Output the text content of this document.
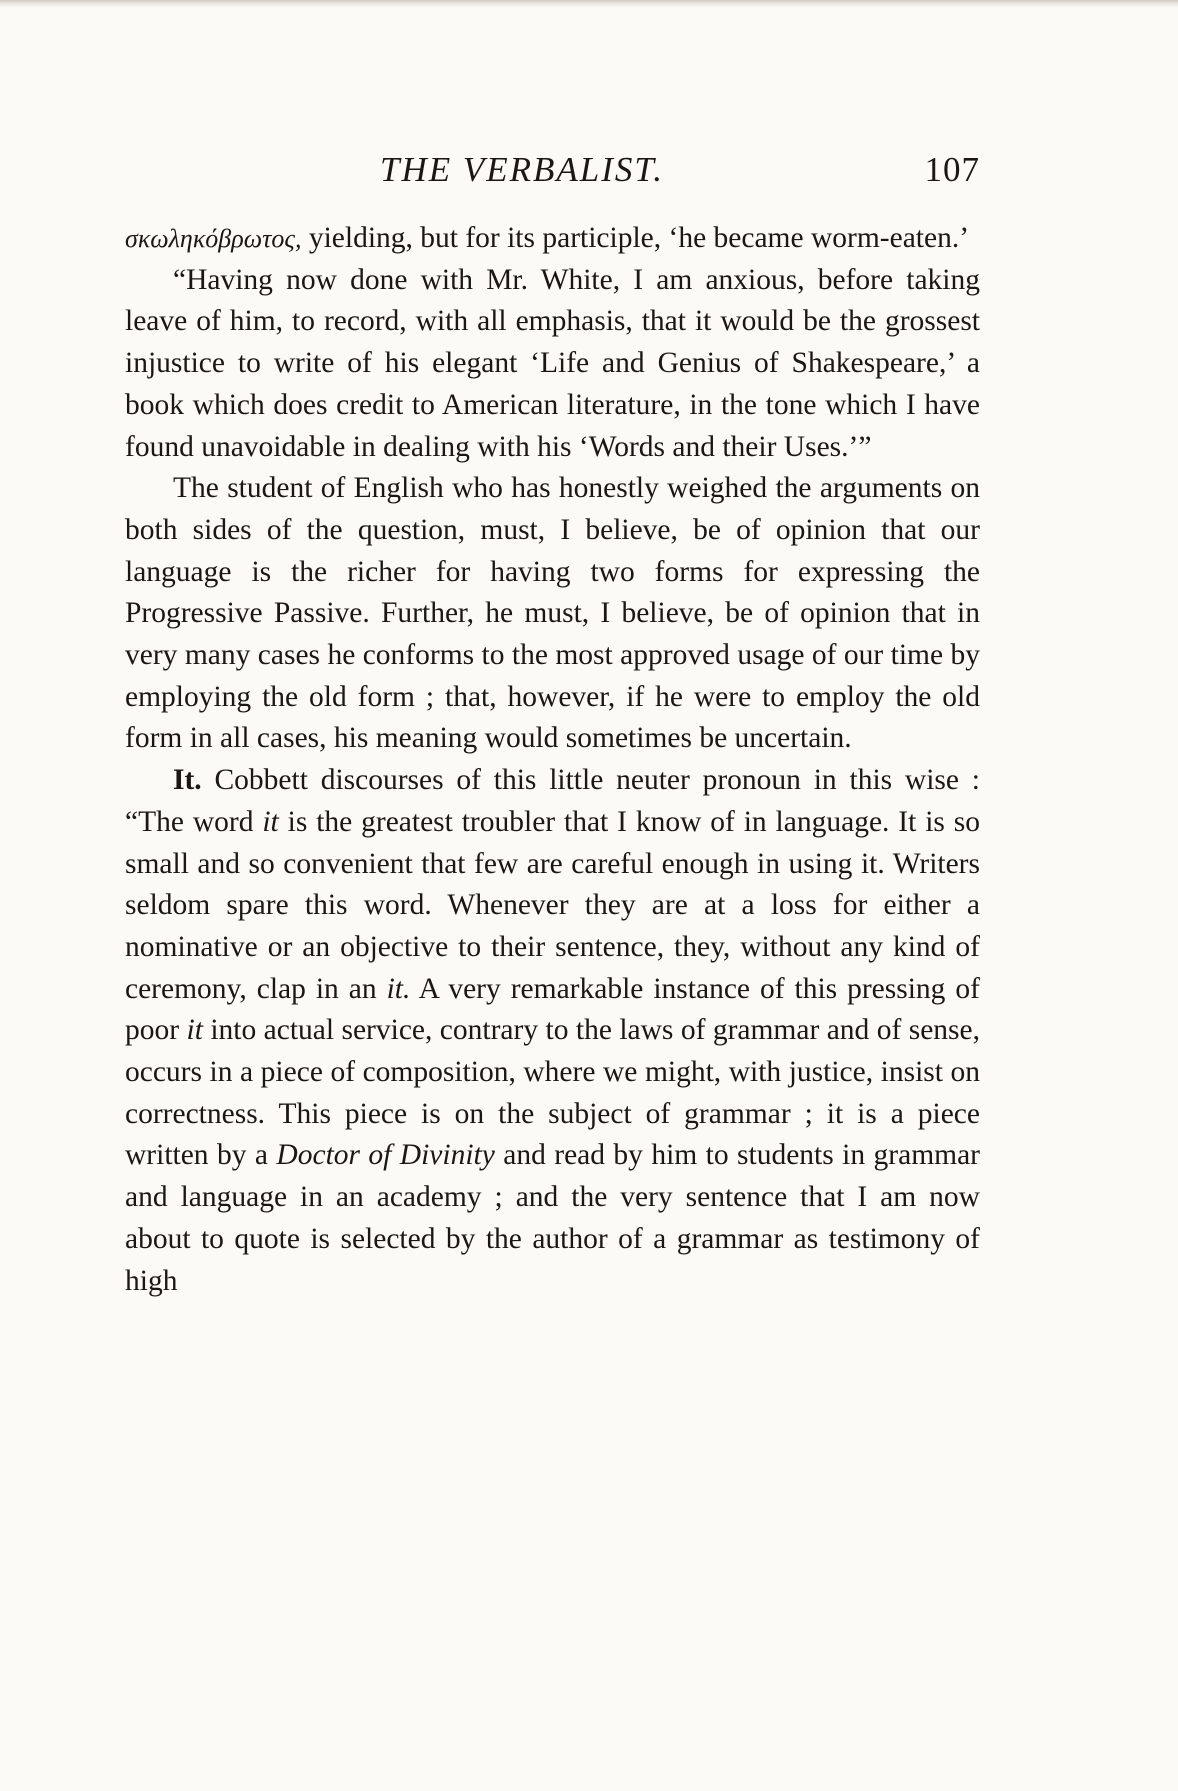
THE VERBALIST.	107

σκωληκόβρωτος, yielding, but for its participle, ‘he became worm-eaten.’

“Having now done with Mr. White, I am anxious, before taking leave of him, to record, with all emphasis, that it would be the grossest injustice to write of his elegant ‘Life and Genius of Shakespeare,’ a book which does credit to American literature, in the tone which I have found unavoidable in dealing with his ‘Words and their Uses.’”

The student of English who has honestly weighed the arguments on both sides of the question, must, I believe, be of opinion that our language is the richer for having two forms for expressing the Progressive Passive. Further, he must, I believe, be of opinion that in very many cases he conforms to the most approved usage of our time by employing the old form ; that, however, if he were to employ the old form in all cases, his meaning would sometimes be uncertain.

It. Cobbett discourses of this little neuter pronoun in this wise : “The word it is the greatest troubler that I know of in language. It is so small and so convenient that few are careful enough in using it. Writers seldom spare this word. Whenever they are at a loss for either a nominative or an objective to their sentence, they, without any kind of ceremony, clap in an it. A very remarkable instance of this pressing of poor it into actual service, contrary to the laws of grammar and of sense, occurs in a piece of composition, where we might, with justice, insist on correctness. This piece is on the subject of grammar ; it is a piece written by a Doctor of Divinity and read by him to students in grammar and language in an academy ; and the very sentence that I am now about to quote is selected by the author of a grammar as testimony of high
